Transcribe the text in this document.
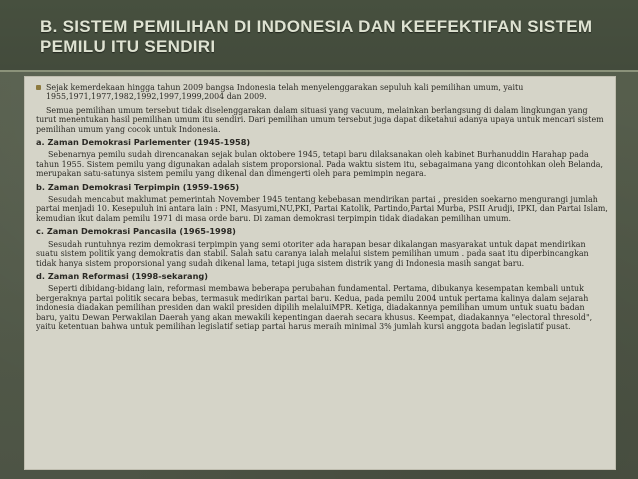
B. SISTEM PEMILIHAN DI INDONESIA DAN KEEFEKTIFAN SISTEM PEMILU ITU SENDIRI
Sejak kemerdekaan hingga tahun 2009 bangsa Indonesia telah menyelenggarakan sepuluh kali pemilihan umum, yaitu 1955,1971,1977,1982,1992,1997,1999,2004 dan 2009.

Semua pemilihan umum tersebut tidak diselenggarakan dalam situasi yang vacuum, melainkan berlangsung di dalam lingkungan yang turut menentukan hasil pemilihan umum itu sendiri. Dari pemilihan umum tersebut juga dapat diketahui adanya upaya untuk mencari sistem pemilihan umum yang cocok untuk Indonesia.

a. Zaman Demokrasi Parlementer (1945-1958)

Sebenarnya pemilu sudah direncanakan sejak bulan oktobere 1945, tetapi baru dilaksanakan oleh kabinet Burhanuddin Harahap pada tahun 1955. Sistem pemilu yang digunakan adalah sistem proporsional. Pada waktu sistem itu, sebagaimana yang dicontohkan oleh Belanda, merupakan satu-satunya sistem pemilu yang dikenal dan dimengerti oleh para pemimpin negara.

b. Zaman Demokrasi Terpimpin (1959-1965)

Sesudah mencabut maklumat pemerintah November 1945 tentang kebebasan mendirikan partai , presiden soekarno mengurangi jumlah partai menjadi 10. Kesepuluh ini antara lain : PNI, Masyumi,NU,PKI, Partai Katolik, Partindo,Partai Murba, PSII Arudji, IPKI, dan Partai Islam, kemudian ikut dalam pemilu 1971 di masa orde baru. Di zaman demokrasi terpimpin tidak diadakan pemilihan umum.

c. Zaman Demokrasi Pancasila (1965-1998)

Sesudah runtuhnya rezim demokrasi terpimpin yang semi otoriter ada harapan besar dikalangan masyarakat untuk dapat mendirikan suatu sistem politik yang demokratis dan stabil. Salah satu caranya ialah melalui sistem pemilihan umum . pada saat itu diperbincangkan tidak hanya sistem proporsional yang sudah dikenal lama, tetapi juga sistem distrik yang di Indonesia masih sangat baru.

d. Zaman Reformasi (1998-sekarang)

Seperti dibidang-bidang lain, reformasi membawa beberapa perubahan fundamental. Pertama, dibukanya kesempatan kembali untuk bergeraknya partai politik secara bebas, termasuk medirikan partai baru. Kedua, pada pemilu 2004 untuk pertama kalinya dalam sejarah indonesia diadakan pemilihan presiden dan wakil presiden dipilih melaluiMPR. Ketiga, diadakannya pemilihan umum untuk suatu badan baru, yaitu Dewan Perwakilan Daerah yang akan mewakili kepentingan daerah secara khusus. Keempat, diadakannya "electoral thresold", yaitu ketentuan bahwa untuk pemilihan legislatif setiap partai harus meraih minimal 3% jumlah kursi anggota badan legislatif pusat.
